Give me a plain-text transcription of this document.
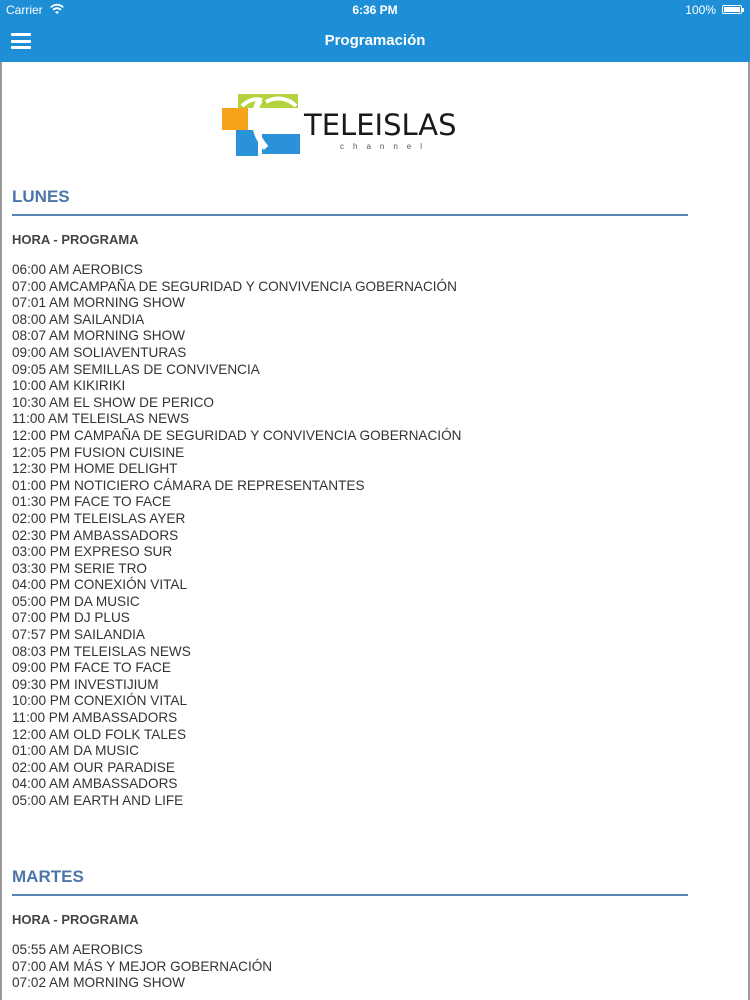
Carrier	6:36 PM	100%
Programación
TELEISLAS
channel
LUNES
HORA - PROGRAMA
06:00 AM AEROBICS
07:00 AMCAMPAÑA DE SEGURIDAD Y CONVIVENCIA GOBERNACIÓN
07:01 AM MORNING SHOW
08:00 AM SAILANDIA
08:07 AM MORNING SHOW
09:00 AM SOLIAVENTURAS
09:05 AM SEMILLAS DE CONVIVENCIA
10:00 AM KIKIRIKI
10:30 AM EL SHOW DE PERICO
11:00 AM TELEISLAS NEWS
12:00 PM CAMPAÑA DE SEGURIDAD Y CONVIVENCIA GOBERNACIÓN
12:05 PM FUSION CUISINE
12:30 PM HOME DELIGHT
01:00 PM NOTICIERO CÁMARA DE REPRESENTANTES
01:30 PM FACE TO FACE
02:00 PM TELEISLAS AYER
02:30 PM AMBASSADORS
03:00 PM EXPRESO SUR
03:30 PM SERIE TRO
04:00 PM CONEXIÓN VITAL
05:00 PM DA MUSIC
07:00 PM DJ PLUS
07:57 PM SAILANDIA
08:03 PM TELEISLAS NEWS
09:00 PM FACE TO FACE
09:30 PM INVESTIJIUM
10:00 PM CONEXIÓN VITAL
11:00 PM AMBASSADORS
12:00 AM OLD FOLK TALES
01:00 AM DA MUSIC
02:00 AM OUR PARADISE
04:00 AM AMBASSADORS
05:00 AM EARTH AND LIFE
MARTES
HORA - PROGRAMA
05:55 AM AEROBICS
07:00 AM MÁS Y MEJOR GOBERNACIÓN
07:02 AM MORNING SHOW
